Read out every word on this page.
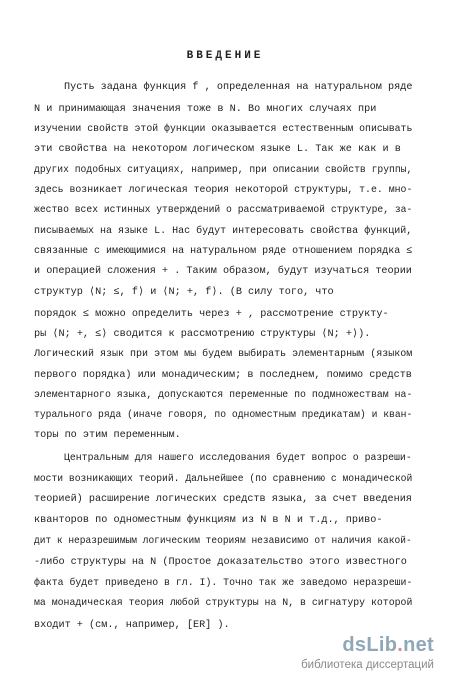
ВВЕДЕНИЕ
Пусть задана функция f , определенная на натуральном ряде
N и принимающая значения тоже в N. Во многих случаях при
изучении свойств этой функции оказывается естественным описывать
эти свойства на некотором логическом языке L. Так же как и в
других подобных ситуациях, например, при описании свойств группы,
здесь возникает логическая теория некоторой структуры, т.е. мно-
жество всех истинных утверждений о рассматриваемой структуре, за-
писываемых на языке L. Нас будут интересовать свойства функций,
связанные с имеющимися на натуральном ряде отношением порядка ≤
и операцией сложения + . Таким образом, будут изучаться теории
структур ⟨N; ≤, f⟩ и ⟨N; +, f⟩. (В силу того, что
порядок ≤ можно определить через + , рассмотрение структу-
ры ⟨N; +, ≤⟩ сводится к рассмотрению структуры ⟨N; +⟩).
Логический язык при этом мы будем выбирать элементарным (языком
первого порядка) или монадическим; в последнем, помимо средств
элементарного языка, допускаются переменные по подмножествам на-
турального ряда (иначе говоря, по одноместным предикатам) и кван-
торы по этим переменным.
Центральным для нашего исследования будет вопрос о разреши-
мости возникающих теорий. Дальнейшее (по сравнению с монадической
теорией) расширение логических средств языка, за счет введения
кванторов по одноместным функциям из N в N и т.д., приво-
дит к неразрешимым логическим теориям независимо от наличия какой-
-либо структуры на N (Простое доказательство этого известного
факта будет приведено в гл. I). Точно так же заведомо неразреши-
ма монадическая теория любой структуры на N, в сигнатуру которой
входит + (см., например, [ER] ).
dsLib.net
библиотека диссертаций
